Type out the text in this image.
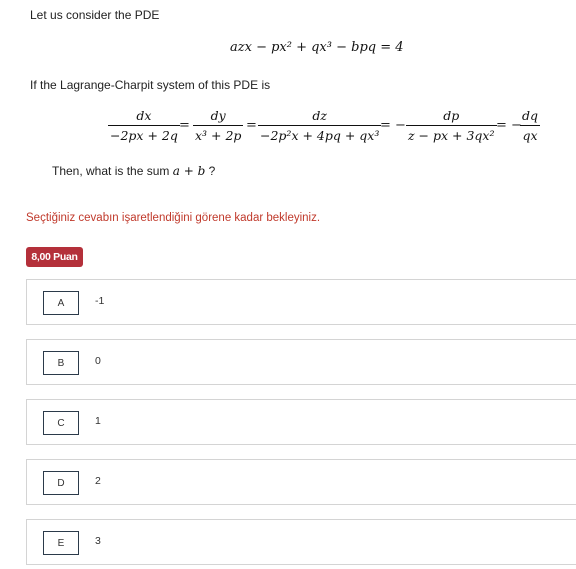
Let us consider the PDE
azx − px² + qx³ − bpq = 4
If the Lagrange-Charpit system of this PDE is
dx
−2px + 2q
=
dy
x³ + 2p
=
dz
−2p²x + 4pq + qx³
= −
dp
z − px + 3qx²
= −
dq
qx
Then, what is the sum a + b ?
Seçtiğiniz cevabın işaretlendiğini görene kadar bekleyiniz.
8,00 Puan
A	-1
B	0
C	1
D	2
E	3
